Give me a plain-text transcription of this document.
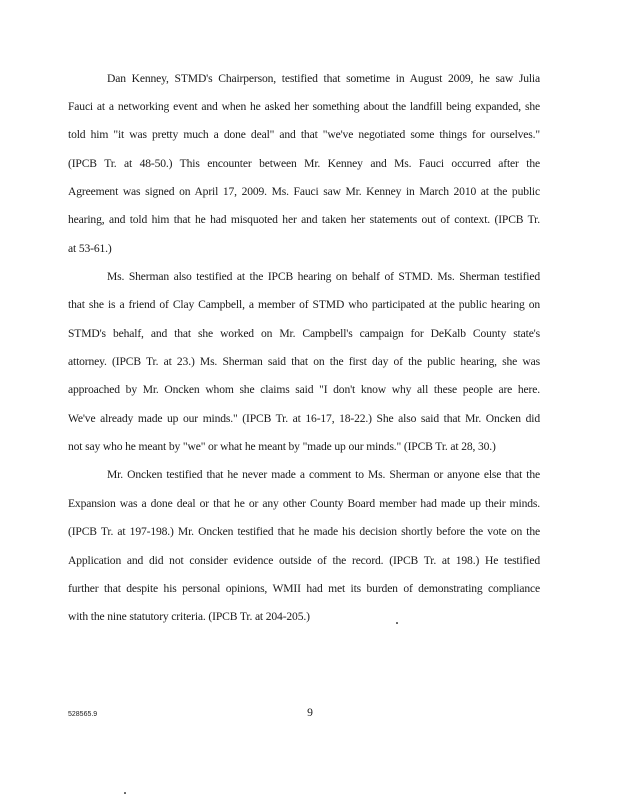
Dan Kenney, STMD's Chairperson, testified that sometime in August 2009, he saw Julia
Fauci at a networking event and when he asked her something about the landfill being expanded, she
told him "it was pretty much a done deal" and that "we've negotiated some things for ourselves."
(IPCB Tr. at 48-50.) This encounter between Mr. Kenney and Ms. Fauci occurred after the
Agreement was signed on April 17, 2009. Ms. Fauci saw Mr. Kenney in March 2010 at the public
hearing, and told him that he had misquoted her and taken her statements out of context. (IPCB Tr.
at 53-61.)
Ms. Sherman also testified at the IPCB hearing on behalf of STMD. Ms. Sherman testified
that she is a friend of Clay Campbell, a member of STMD who participated at the public hearing on
STMD's behalf, and that she worked on Mr. Campbell's campaign for DeKalb County state's
attorney. (IPCB Tr. at 23.) Ms. Sherman said that on the first day of the public hearing, she was
approached by Mr. Oncken whom she claims said "I don't know why all these people are here.
We've already made up our minds." (IPCB Tr. at 16-17, 18-22.) She also said that Mr. Oncken did
not say who he meant by "we" or what he meant by "made up our minds." (IPCB Tr. at 28, 30.)
Mr. Oncken testified that he never made a comment to Ms. Sherman or anyone else that the
Expansion was a done deal or that he or any other County Board member had made up their minds.
(IPCB Tr. at 197-198.) Mr. Oncken testified that he made his decision shortly before the vote on the
Application and did not consider evidence outside of the record. (IPCB Tr. at 198.) He testified
further that despite his personal opinions, WMII had met its burden of demonstrating compliance
with the nine statutory criteria. (IPCB Tr. at 204-205.)
528565.9	9
